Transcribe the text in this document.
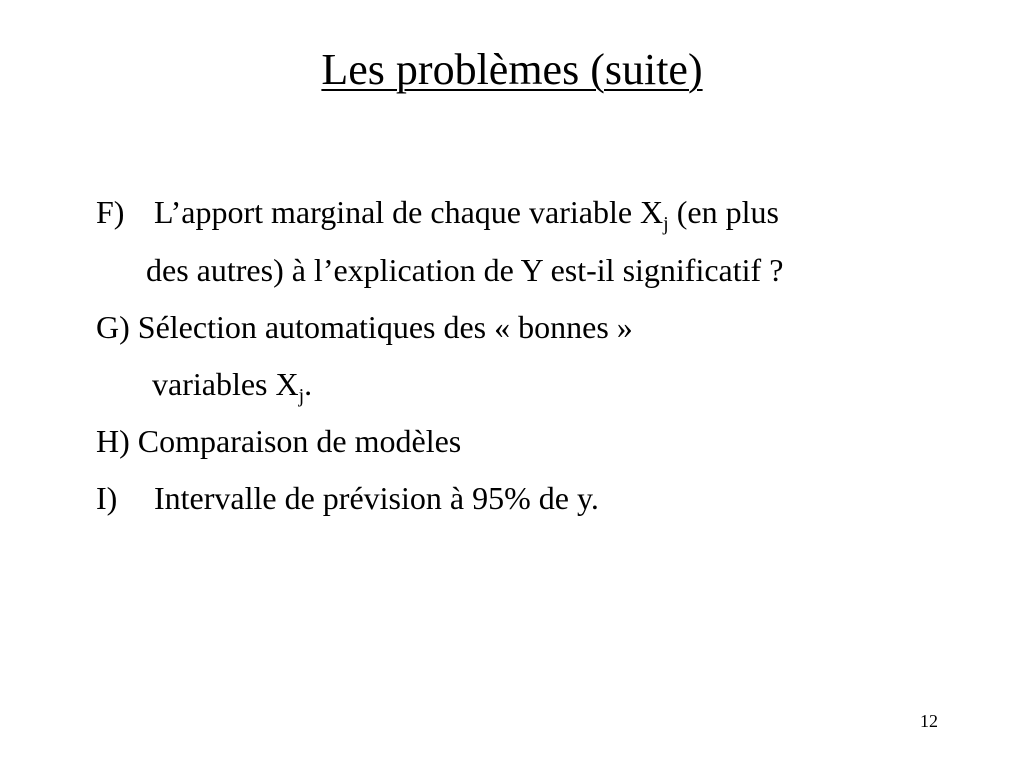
Les problèmes (suite)
F) L’apport marginal de chaque variable $X_j$ (en plus
des autres) à l’explication de Y est-il significatif ?
G) Sélection automatiques des « bonnes »
variables $X_j$.
H) Comparaison de modèles
I) Intervalle de prévision à 95% de y.
12
